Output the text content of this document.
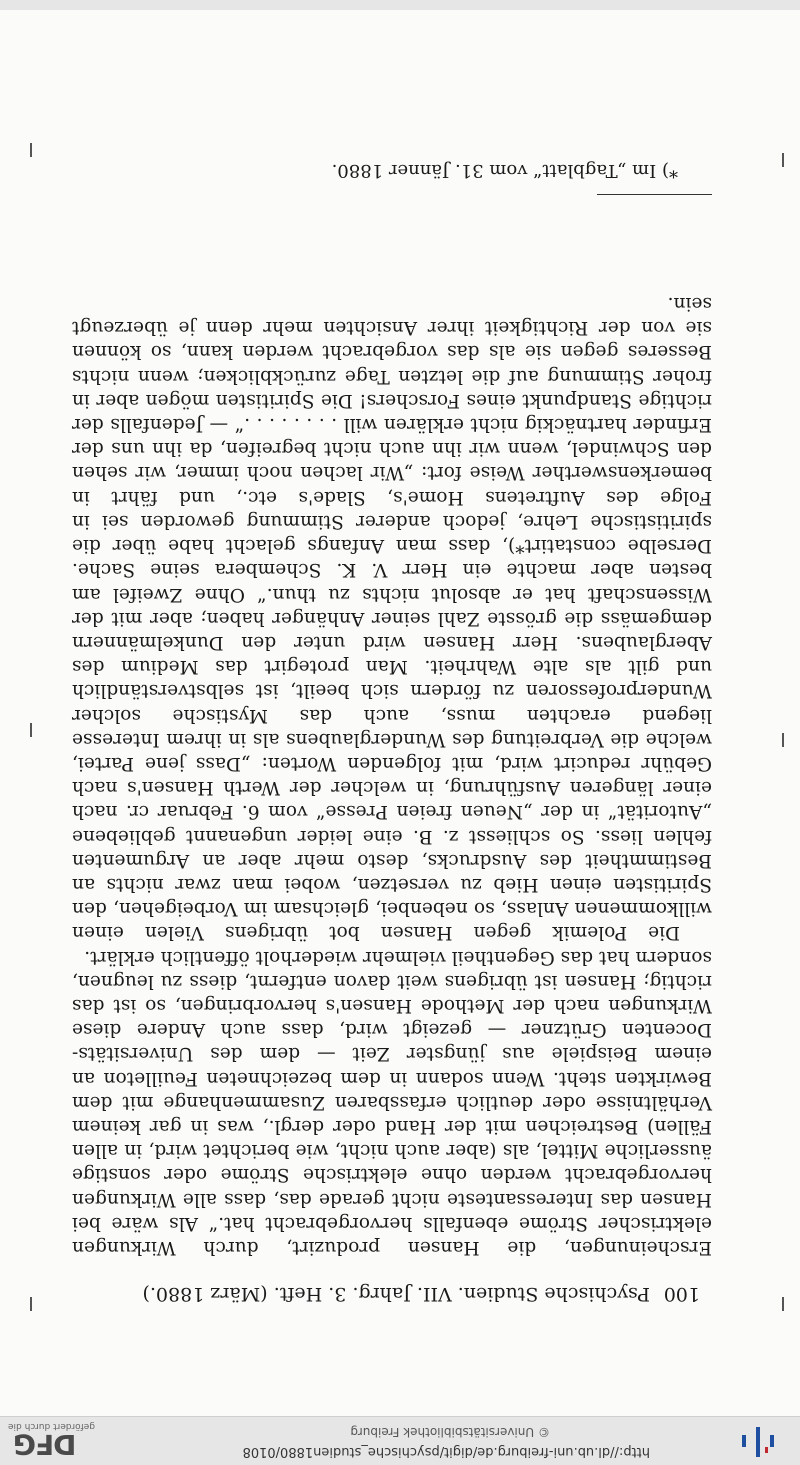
http://dl.ub.uni-freiburg.de/digit/psychische_studien1880/0108
© Universitätsbibliothek Freiburg
DFG
gefördert durch die
100
Psychische Studien. VII. Jahrg. 3. Heft. (März 1880.)

Erscheinungen, die Hansen produzirt, durch Wirkungen elektrischer Ströme ebenfalls hervorgebracht hat.“ Als wäre bei Hansen das Interessanteste nicht gerade das, dass alle Wirkungen hervorgebracht werden ohne elektrische Ströme oder sonstige äusserliche Mittel, als (aber auch nicht, wie berichtet wird, in allen Fällen) Bestreichen mit der Hand oder dergl., was in gar keinem Verhältnisse oder deutlich erfassbaren Zusammenhange mit dem Bewirkten steht. Wenn sodann in dem bezeichneten Feuilleton an einem Beispiele aus jüngster Zeit — dem des Universitäts-Docenten Grützner — gezeigt wird, dass auch Andere diese Wirkungen nach der Methode Hansen's hervorbringen, so ist das richtig; Hansen ist übrigens weit davon entfernt, diess zu leugnen, sondern hat das Gegentheil vielmehr wiederholt öffentlich erklärt.

Die Polemik gegen Hansen bot übrigens Vielen einen willkommenen Anlass, so nebenbei, gleichsam im Vorbeigehen, den Spiritisten einen Hieb zu versetzen, wobei man zwar nichts an Bestimmtheit des Ausdrucks, desto mehr aber an Argumenten fehlen liess. So schliesst z. B. eine leider ungenannt gebliebene „Autorität“ in der „Neuen freien Presse“ vom 6. Februar cr. nach einer längeren Ausführung, in welcher der Werth Hansen's nach Gebühr reducirt wird, mit folgenden Worten: „Dass jene Partei, welche die Verbreitung des Wunderglaubens als in ihrem Interesse liegend erachten muss, auch das Mystische solcher Wunderprofessoren zu fördern sich beeilt, ist selbstverständlich und gilt als alte Wahrheit. Man protegirt das Medium des Aberglaubens. Herr Hansen wird unter den Dunkelmännern demgemäss die grösste Zahl seiner Anhänger haben; aber mit der Wissenschaft hat er absolut nichts zu thun.“ Ohne Zweifel am besten aber machte ein Herr V. K. Schembera seine Sache. Derselbe constatirt*), dass man Anfangs gelacht habe über die spiritistische Lehre, jedoch anderer Stimmung geworden sei in Folge des Auftretens Home's, Slade's etc., und fährt in bemerkenswerther Weise fort: „Wir lachen noch immer, wir sehen den Schwindel, wenn wir ihn auch nicht begreifen, da ihn uns der Erfinder hartnäckig nicht erklären will . . . . . . . .“ — Jedenfalls der richtige Standpunkt eines Forschers! Die Spiritisten mögen aber in froher Stimmung auf die letzten Tage zurückblicken; wenn nichts Besseres gegen sie als das vorgebracht werden kann, so können sie von der Richtigkeit ihrer Ansichten mehr denn je überzeugt sein.

*) Im „Tagblatt“ vom 31. Jänner 1880.
